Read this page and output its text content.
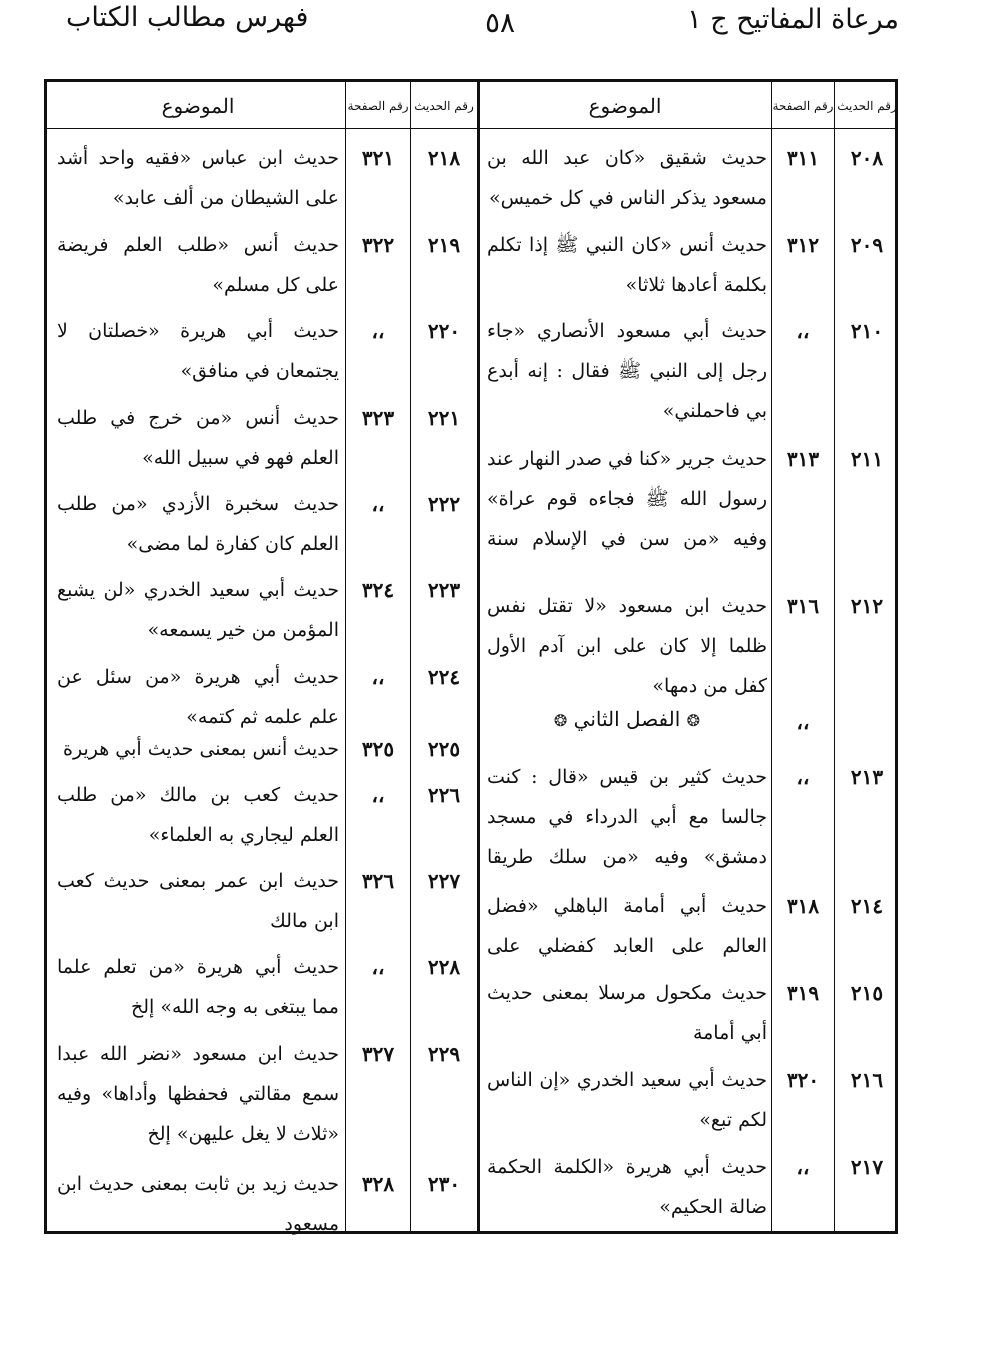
مرعاة المفاتيح ج ١
٥٨
فهرس مطالب الكتاب
رقم الحديث
رقم الصفحة
الموضوع
رقم الحديث
رقم الصفحة
الموضوع
٢٠٨
٣١١
حديث شقيق «كان عبد الله بن مسعود يذكر الناس في كل خميس»
٢٠٩
٣١٢
حديث أنس «كان النبي ﷺ إذا تكلم بكلمة أعادها ثلاثا»
٢١٠
،،
حديث أبي مسعود الأنصاري «جاء رجل إلى النبي ﷺ فقال : إنه أبدع بي فاحملني»
٢١١
٣١٣
حديث جرير «كنا في صدر النهار عند رسول الله ﷺ فجاءه قوم عراة» وفيه «من سن في الإسلام سنة
٢١٢
٣١٦
حديث ابن مسعود «لا تقتل نفس ظلما إلا كان على ابن آدم الأول كفل من دمها»
،،
٢١٣
،،
حديث كثير بن قيس «قال : كنت جالسا مع أبي الدرداء في مسجد دمشق» وفيه «من سلك طريقا
٢١٤
٣١٨
حديث أبي أمامة الباهلي «فضل العالم على العابد كفضلي على
٢١٥
٣١٩
حديث مكحول مرسلا بمعنى حديث أبي أمامة
٢١٦
٣٢٠
حديث أبي سعيد الخدري «إن الناس لكم تبع»
٢١٧
،،
حديث أبي هريرة «الكلمة الحكمة ضالة الحكيم»
٢١٨
٣٢١
حديث ابن عباس «فقيه واحد أشد على الشيطان من ألف عابد»
٢١٩
٣٢٢
حديث أنس «طلب العلم فريضة على كل مسلم»
٢٢٠
،،
حديث أبي هريرة «خصلتان لا يجتمعان في منافق»
٢٢١
٣٢٣
حديث أنس «من خرج في طلب العلم فهو في سبيل الله»
٢٢٢
،،
حديث سخبرة الأزدي «من طلب العلم كان كفارة لما مضى»
٢٢٣
٣٢٤
حديث أبي سعيد الخدري «لن يشبع المؤمن من خير يسمعه»
٢٢٤
،،
حديث أبي هريرة «من سئل عن علم علمه ثم كتمه»
٢٢٥
٣٢٥
حديث أنس بمعنى حديث أبي هريرة
٢٢٦
،،
حديث كعب بن مالك «من طلب العلم ليجاري به العلماء»
٢٢٧
٣٢٦
حديث ابن عمر بمعنى حديث كعب ابن مالك
٢٢٨
،،
حديث أبي هريرة «من تعلم علما مما يبتغى به وجه الله» إلخ
٢٢٩
٣٢٧
حديث ابن مسعود «نضر الله عبدا سمع مقالتي فحفظها وأداها» وفيه «ثلاث لا يغل عليهن» إلخ
٢٣٠
٣٢٨
حديث زيد بن ثابت بمعنى حديث ابن مسعود
❂ الفصل الثاني ❂
